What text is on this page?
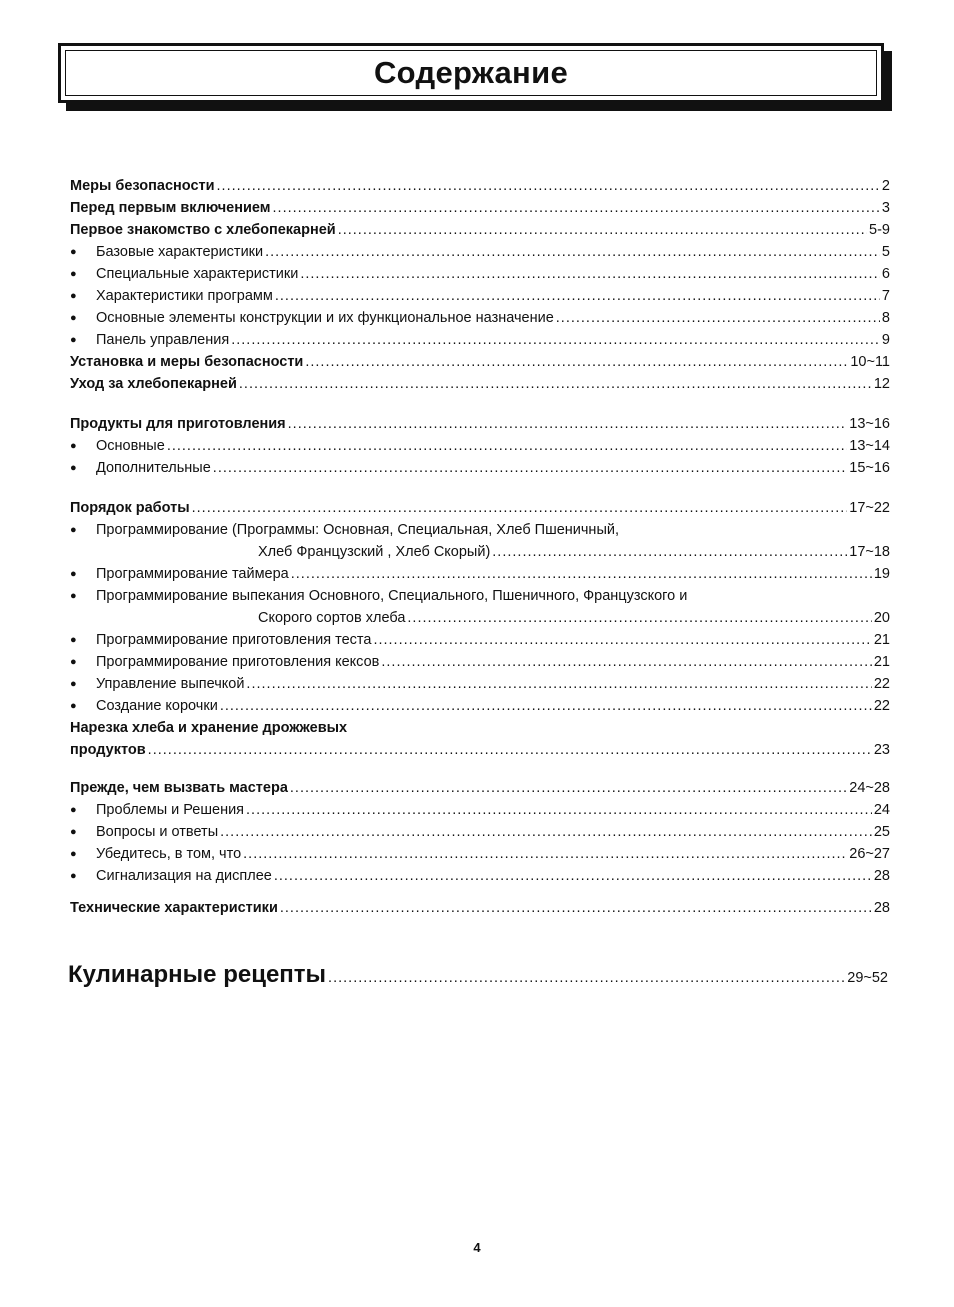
Содержание
Меры безопасности .....	2
Перед первым включением .....	3
Первое знакомство с хлебопекарней .....	5-9
●	Базовые характеристики .....	5
●	Специальные характеристики .....	6
●	Характеристики программ .....	7
●	Основные элементы конструкции и их функциональное назначение .....	8
●	Панель управления .....	9
Установка и меры безопасности .....	10~11
Уход за хлебопекарней .....	12
Продукты для приготовления .....	13~16
●	Основные .....	13~14
●	Дополнительные .....	15~16
Порядок работы .....	17~22
●	Программирование (Программы: Основная, Специальная, Хлеб Пшеничный,
Хлеб Французский , Хлеб Скорый) .....	17~18
●	Программирование таймера .....	19
●	Программирование выпекания Основного, Специального, Пшеничного, Французского и
Скорого сортов хлеба .....	20
●	Программирование приготовления теста .....	21
●	Программирование приготовления кексов .....	21
●	Управление выпечкой .....	22
●	Создание корочки .....	22
Нарезка хлеба и хранение дрожжевых
продуктов .....	23
Прежде, чем вызвать мастера .....	24~28
●	Проблемы и Решения .....	24
●	Вопросы и ответы .....	25
●	Убедитесь, в том, что .....	26~27
●	Сигнализация на дисплее .....	28
Технические характеристики .....	28
Кулинарные рецепты .....	29~52
4
